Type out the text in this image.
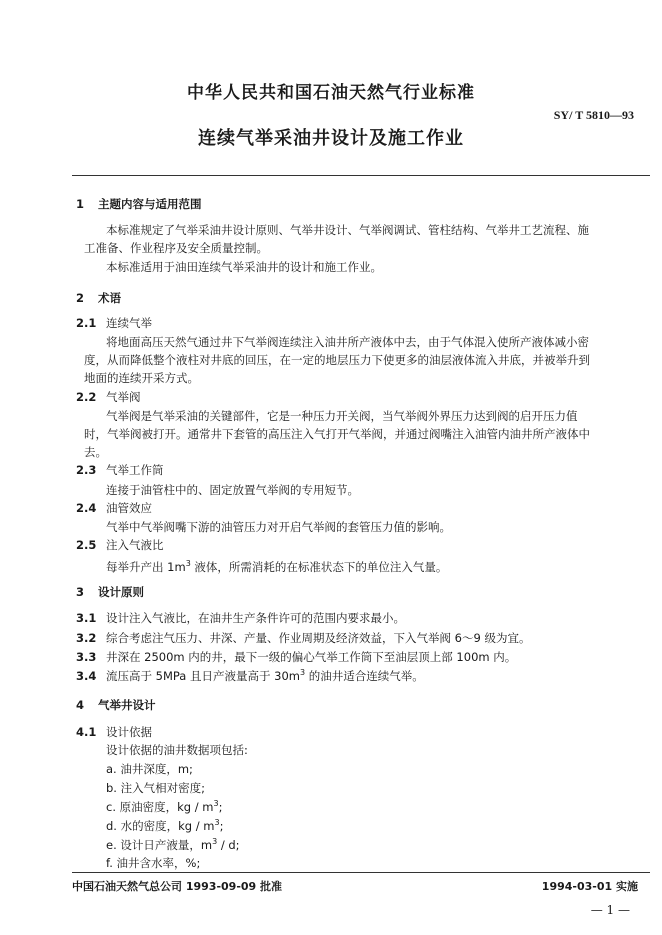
中华人民共和国石油天然气行业标准
SY/ T 5810—93
连续气举采油井设计及施工作业
1 主题内容与适用范围
本标准规定了气举采油井设计原则、气举井设计、气举阀调试、管柱结构、气举井工艺流程、施
工准备、作业程序及安全质量控制。
本标准适用于油田连续气举采油井的设计和施工作业。
2 术语
2.1 连续气举
将地面高压天然气通过井下气举阀连续注入油井所产液体中去，由于气体混入使所产液体减小密
度，从而降低整个液柱对井底的回压，在一定的地层压力下使更多的油层液体流入井底，并被举升到
地面的连续开采方式。
2.2 气举阀
气举阀是气举采油的关键部件，它是一种压力开关阀，当气举阀外界压力达到阀的启开压力值
时，气举阀被打开。通常井下套管的高压注入气打开气举阀，并通过阀嘴注入油管内油井所产液体中
去。
2.3 气举工作筒
连接于油管柱中的、固定放置气举阀的专用短节。
2.4 油管效应
气举中气举阀嘴下游的油管压力对开启气举阀的套管压力值的影响。
2.5 注入气液比
每举升产出 $1m^3$ 液体，所需消耗的在标准状态下的单位注入气量。
3 设计原则
3.1 设计注入气液比，在油井生产条件许可的范围内要求最小。
3.2 综合考虑注气压力、井深、产量、作业周期及经济效益，下入气举阀 6～9 级为宜。
3.3 井深在 2500m 内的井，最下一级的偏心气举工作筒下至油层顶上部 100m 内。
3.4 流压高于 5MPa 且日产液量高于 $30m^3$ 的油井适合连续气举。
4 气举井设计
4.1 设计依据
设计依据的油井数据项包括:
a. 油井深度，m;
b. 注入气相对密度;
c. 原油密度，kg / $m^3$;
d. 水的密度，kg / $m^3$;
e. 设计日产液量，$m^3$ / d;
f. 油井含水率，%;
中国石油天然气总公司 1993-09-09 批准	1994-03-01 实施
— 1 —
